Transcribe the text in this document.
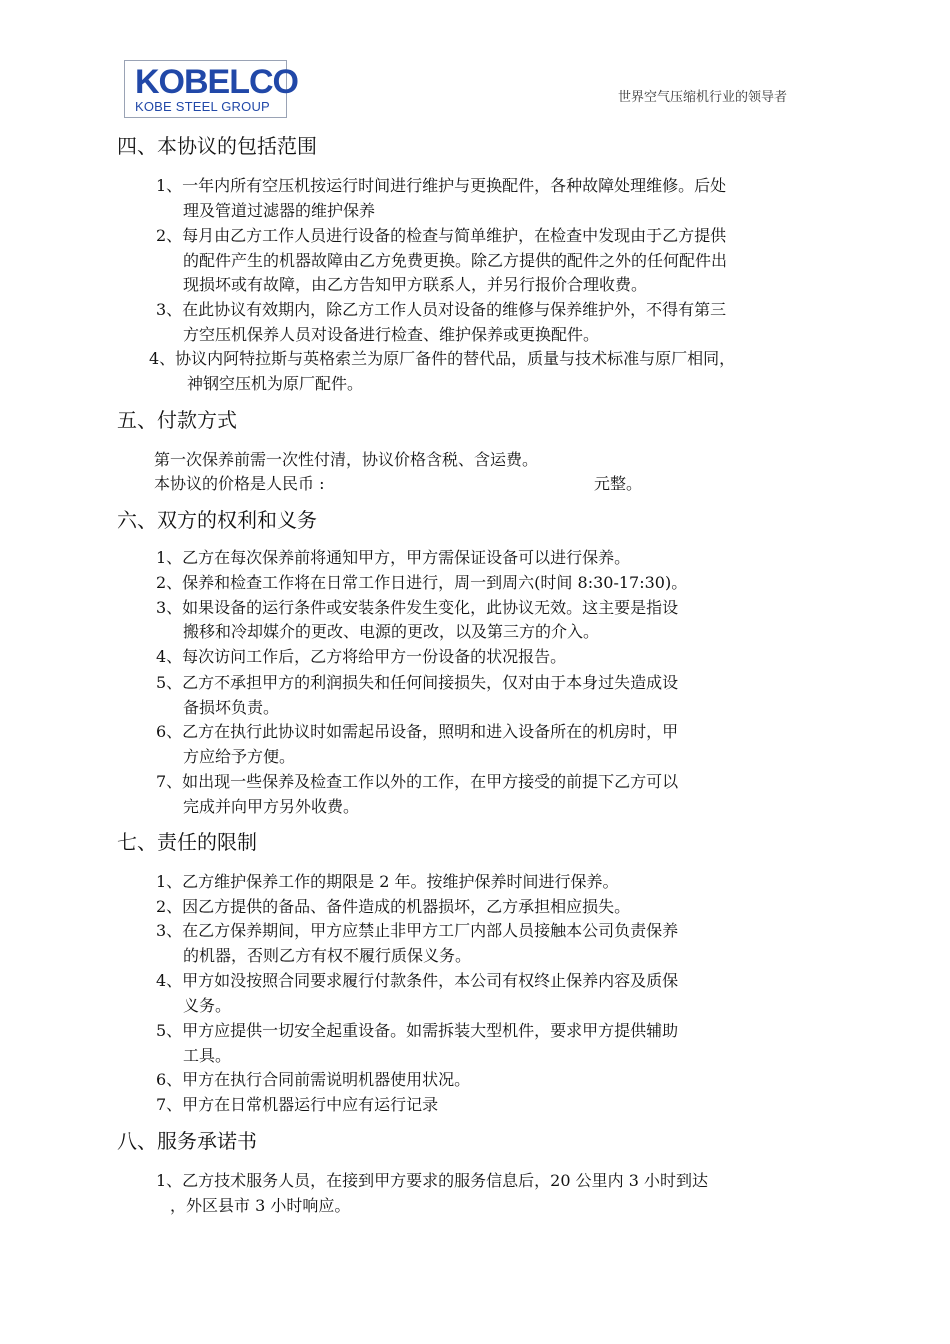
KOBELCO
KOBE STEEL GROUP
世界空气压缩机行业的领导者
四、本协议的包括范围
1、一年内所有空压机按运行时间进行维护与更换配件，各种故障处理维修。后处
理及管道过滤器的维护保养
2、每月由乙方工作人员进行设备的检查与简单维护，在检查中发现由于乙方提供
的配件产生的机器故障由乙方免费更换。除乙方提供的配件之外的任何配件出
现损坏或有故障，由乙方告知甲方联系人，并另行报价合理收费。
3、在此协议有效期内，除乙方工作人员对设备的维修与保养维护外，不得有第三
方空压机保养人员对设备进行检查、维护保养或更换配件。
4、协议内阿特拉斯与英格索兰为原厂备件的替代品，质量与技术标准与原厂相同，
神钢空压机为原厂配件。
五、付款方式
第一次保养前需一次性付清，协议价格含税、含运费。
本协议的价格是人民币 :	元整。
六、双方的权利和义务
1、乙方在每次保养前将通知甲方，甲方需保证设备可以进行保养。
2、保养和检查工作将在日常工作日进行，周一到周六(时间 8:30-17:30)。
3、如果设备的运行条件或安装条件发生变化，此协议无效。这主要是指设
搬移和冷却媒介的更改、电源的更改，以及第三方的介入。
4、每次访问工作后，乙方将给甲方一份设备的状况报告。
5、乙方不承担甲方的利润损失和任何间接损失，仅对由于本身过失造成设
备损坏负责。
6、乙方在执行此协议时如需起吊设备，照明和进入设备所在的机房时，甲
方应给予方便。
7、如出现一些保养及检查工作以外的工作，在甲方接受的前提下乙方可以
完成并向甲方另外收费。
七、责任的限制
1、乙方维护保养工作的期限是 2 年。按维护保养时间进行保养。
2、因乙方提供的备品、备件造成的机器损坏，乙方承担相应损失。
3、在乙方保养期间，甲方应禁止非甲方工厂内部人员接触本公司负责保养
的机器，否则乙方有权不履行质保义务。
4、甲方如没按照合同要求履行付款条件，本公司有权终止保养内容及质保
义务。
5、甲方应提供一切安全起重设备。如需拆装大型机件，要求甲方提供辅助
工具。
6、甲方在执行合同前需说明机器使用状况。
7、甲方在日常机器运行中应有运行记录
八、服务承诺书
1、乙方技术服务人员，在接到甲方要求的服务信息后，20 公里内 3 小时到达
，外区县市 3 小时响应。
